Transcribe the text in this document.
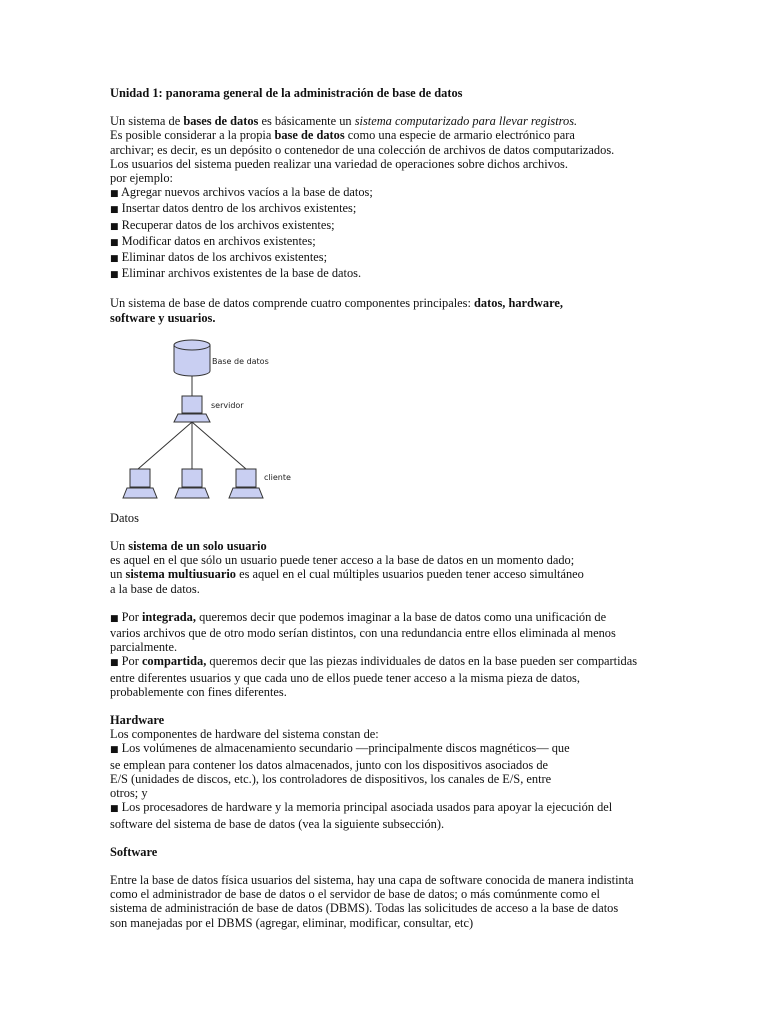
Unidad 1: panorama general de la administración de base de datos

Un sistema de bases de datos es básicamente un sistema computarizado para llevar registros.

Es posible considerar a la propia base de datos como una especie de armario electrónico para

archivar; es decir, es un depósito o contenedor de una colección de archivos de datos computarizados.

Los usuarios del sistema pueden realizar una variedad de operaciones sobre dichos archivos.

por ejemplo:

■ Agregar nuevos archivos vacíos a la base de datos;

■ Insertar datos dentro de los archivos existentes;

■ Recuperar datos de los archivos existentes;

■ Modificar datos en archivos existentes;

■ Eliminar datos de los archivos existentes;

■ Eliminar archivos existentes de la base de datos.

Un sistema de base de datos comprende cuatro componentes principales: datos, hardware,

software y usuarios.

Base de datos
servidor
cliente

Datos

Un sistema de un solo usuario

es aquel en el que sólo un usuario puede tener acceso a la base de datos en un momento dado;

un sistema multiusuario es aquel en el cual múltiples usuarios pueden tener acceso simultáneo

a la base de datos.

■ Por integrada, queremos decir que podemos imaginar a la base de datos como una unificación de

varios archivos que de otro modo serían distintos, con una redundancia entre ellos eliminada al menos

parcialmente.

■ Por compartida, queremos decir que las piezas individuales de datos en la base pueden ser compartidas

entre diferentes usuarios y que cada uno de ellos puede tener acceso a la misma pieza de datos,

probablemente con fines diferentes.

Hardware

Los componentes de hardware del sistema constan de:

■ Los volúmenes de almacenamiento secundario —principalmente discos magnéticos— que

se emplean para contener los datos almacenados, junto con los dispositivos asociados de

E/S (unidades de discos, etc.), los controladores de dispositivos, los canales de E/S, entre

otros; y

■ Los procesadores de hardware y la memoria principal asociada usados para apoyar la ejecución del

software del sistema de base de datos (vea la siguiente subsección).

Software

Entre la base de datos física usuarios del sistema, hay una capa de software conocida de manera indistinta

como el administrador de base de datos o el servidor de base de datos; o más comúnmente como el

sistema de administración de base de datos (DBMS). Todas las solicitudes de acceso a la base de datos

son manejadas por el DBMS (agregar, eliminar, modificar, consultar, etc)
